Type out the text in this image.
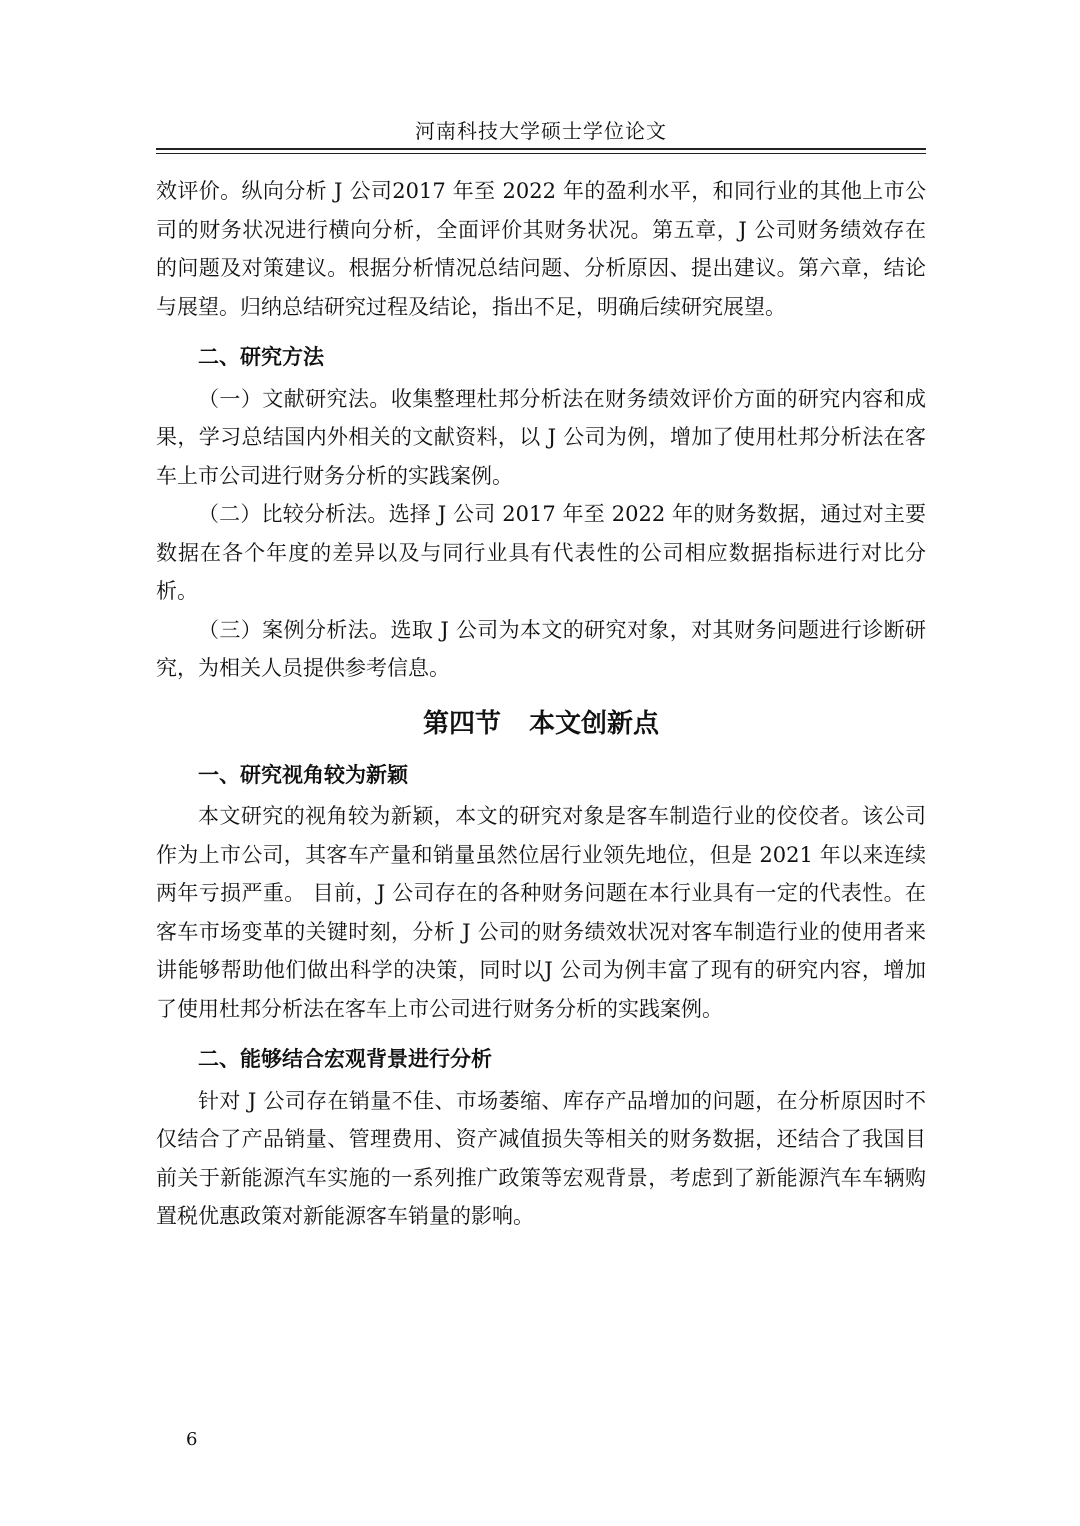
河南科技大学硕士学位论文

效评价。纵向分析 J 公司2017 年至 2022 年的盈利水平，和同行业的其他上市公司的财务状况进行横向分析，全面评价其财务状况。第五章，J 公司财务绩效存在的问题及对策建议。根据分析情况总结问题、分析原因、提出建议。第六章，结论与展望。归纳总结研究过程及结论，指出不足，明确后续研究展望。

二、研究方法

（一）文献研究法。收集整理杜邦分析法在财务绩效评价方面的研究内容和成果，学习总结国内外相关的文献资料，以 J 公司为例，增加了使用杜邦分析法在客车上市公司进行财务分析的实践案例。

（二）比较分析法。选择 J 公司 2017 年至 2022 年的财务数据，通过对主要数据在各个年度的差异以及与同行业具有代表性的公司相应数据指标进行对比分析。

（三）案例分析法。选取 J 公司为本文的研究对象，对其财务问题进行诊断研究，为相关人员提供参考信息。

第四节 本文创新点
一、研究视角较为新颖

本文研究的视角较为新颖，本文的研究对象是客车制造行业的佼佼者。该公司作为上市公司，其客车产量和销量虽然位居行业领先地位，但是 2021 年以来连续两年亏损严重。 目前，J 公司存在的各种财务问题在本行业具有一定的代表性。在客车市场变革的关键时刻，分析 J 公司的财务绩效状况对客车制造行业的使用者来讲能够帮助他们做出科学的决策，同时以J 公司为例丰富了现有的研究内容，增加了使用杜邦分析法在客车上市公司进行财务分析的实践案例。

二、能够结合宏观背景进行分析

针对 J 公司存在销量不佳、市场萎缩、库存产品增加的问题，在分析原因时不仅结合了产品销量、管理费用、资产减值损失等相关的财务数据，还结合了我国目前关于新能源汽车实施的一系列推广政策等宏观背景，考虑到了新能源汽车车辆购置税优惠政策对新能源客车销量的影响。

6
